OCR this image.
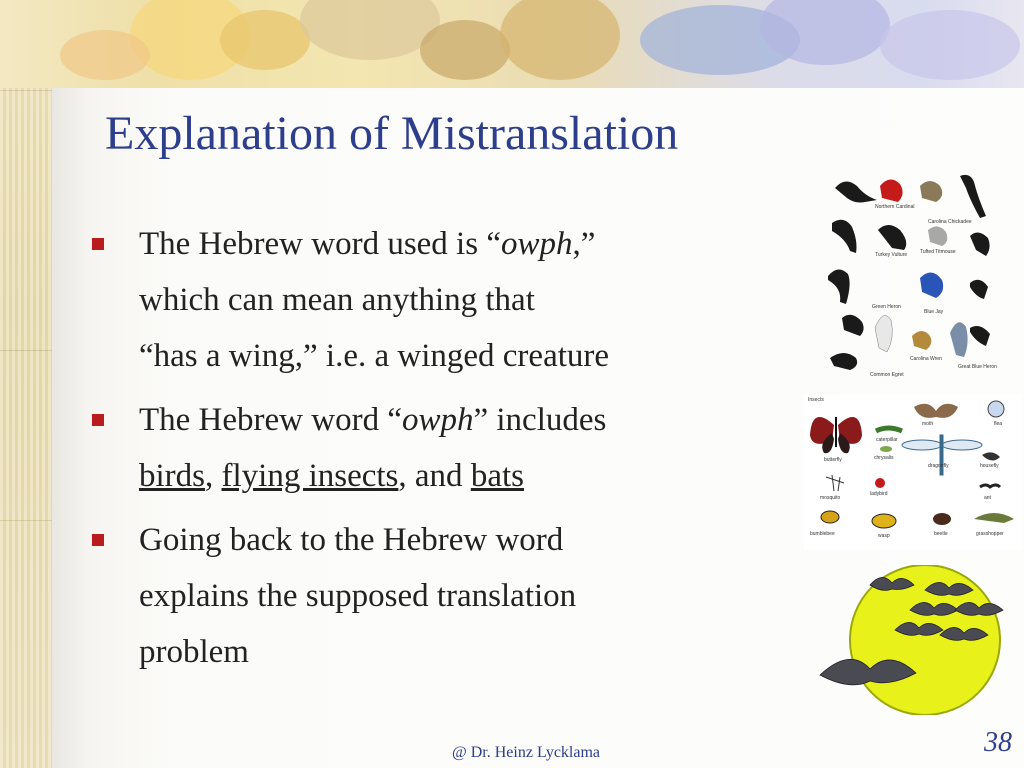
Explanation of Mistranslation
The Hebrew word used is “owph,”
which can mean anything that
“has a wing,” i.e. a winged creature
The Hebrew word “owph” includes
birds, flying insects, and bats
Going back to the Hebrew word
explains the supposed translation
problem
Northern Cardinal
Carolina Chickadee
Turkey Vulture	Tufted Titmouse
Green Heron
Blue Jay
Carolina Wren
Great Blue Heron
Common Egret
Insects
moth	flea
butterfly
caterpillar
chrysalis
dragonfly	housefly
mosquito
ladybird
ant
bumblebee	wasp	beetle	grasshopper
@ Dr. Heinz Lycklama	38
